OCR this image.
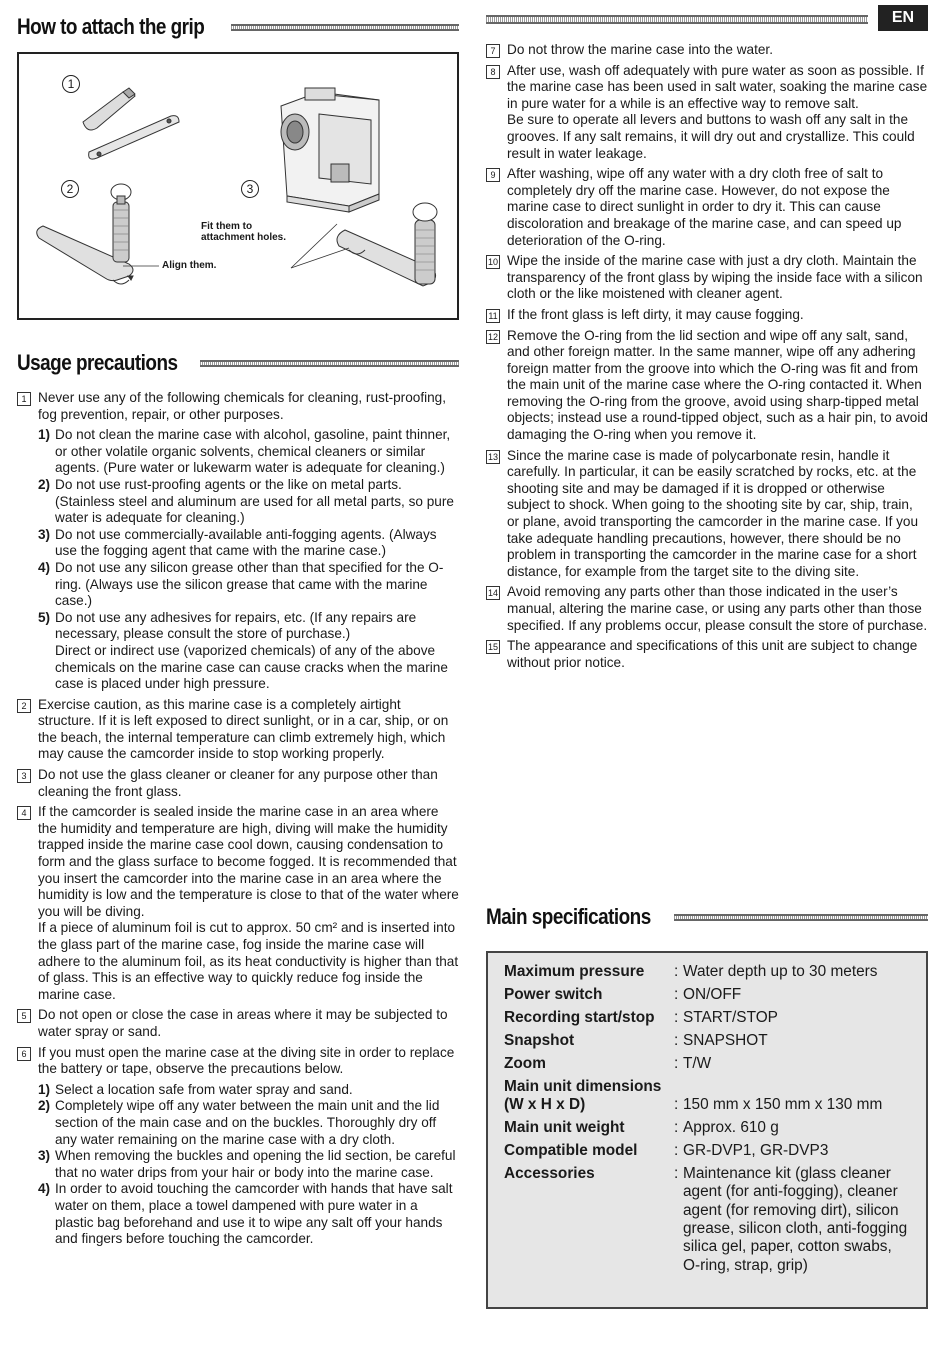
EN
How to attach the grip
1
2	3
Fit them to attachment holes.
Align them.
Usage precautions
1 Never use any of the following chemicals for cleaning, rust-proofing, fog prevention, repair, or other purposes.
1) Do not clean the marine case with alcohol, gasoline, paint thinner, or other volatile organic solvents, chemical cleaners or similar agents. (Pure water or lukewarm water is adequate for cleaning.)
2) Do not use rust-proofing agents or the like on metal parts. (Stainless steel and aluminum are used for all metal parts, so pure water is adequate for cleaning.)
3) Do not use commercially-available anti-fogging agents. (Always use the fogging agent that came with the marine case.)
4) Do not use any silicon grease other than that specified for the O-ring. (Always use the silicon grease that came with the marine case.)
5) Do not use any adhesives for repairs, etc. (If any repairs are necessary, please consult the store of purchase.)
Direct or indirect use (vaporized chemicals) of any of the above chemicals on the marine case can cause cracks when the marine case is placed under high pressure.
2 Exercise caution, as this marine case is a completely airtight structure. If it is left exposed to direct sunlight, or in a car, ship, or on the beach, the internal temperature can climb extremely high, which may cause the camcorder inside to stop working properly.
3 Do not use the glass cleaner or cleaner for any purpose other than cleaning the front glass.
4 If the camcorder is sealed inside the marine case in an area where the humidity and temperature are high, diving will make the humidity trapped inside the marine case cool down, causing condensation to form and the glass surface to become fogged. It is recommended that you insert the camcorder into the marine case in an area where the humidity is low and the temperature is close to that of the water where you will be diving.
If a piece of aluminum foil is cut to approx. 50 cm² and is inserted into the glass part of the marine case, fog inside the marine case will adhere to the aluminum foil, as its heat conductivity is higher than that of glass. This is an effective way to quickly reduce fog inside the marine case.
5 Do not open or close the case in areas where it may be subjected to water spray or sand.
6 If you must open the marine case at the diving site in order to replace the battery or tape, observe the precautions below.
1) Select a location safe from water spray and sand.
2) Completely wipe off any water between the main unit and the lid section of the main case and on the buckles. Thoroughly dry off any water remaining on the marine case with a dry cloth.
3) When removing the buckles and opening the lid section, be careful that no water drips from your hair or body into the marine case.
4) In order to avoid touching the camcorder with hands that have salt water on them, place a towel dampened with pure water in a plastic bag beforehand and use it to wipe any salt off your hands and fingers before touching the camcorder.
7 Do not throw the marine case into the water.
8 After use, wash off adequately with pure water as soon as possible. If the marine case has been used in salt water, soaking the marine case in pure water for a while is an effective way to remove salt.
Be sure to operate all levers and buttons to wash off any salt in the grooves. If any salt remains, it will dry out and crystallize. This could result in water leakage.
9 After washing, wipe off any water with a dry cloth free of salt to completely dry off the marine case. However, do not expose the marine case to direct sunlight in order to dry it. This can cause discoloration and breakage of the marine case, and can speed up deterioration of the O-ring.
10 Wipe the inside of the marine case with just a dry cloth. Maintain the transparency of the front glass by wiping the inside face with a silicon cloth or the like moistened with cleaner agent.
11 If the front glass is left dirty, it may cause fogging.
12 Remove the O-ring from the lid section and wipe off any salt, sand, and other foreign matter. In the same manner, wipe off any adhering foreign matter from the groove into which the O-ring was fit and from the main unit of the marine case where the O-ring contacted it. When removing the O-ring from the groove, avoid using sharp-tipped metal objects; instead use a round-tipped object, such as a hair pin, to avoid damaging the O-ring when you remove it.
13 Since the marine case is made of polycarbonate resin, handle it carefully. In particular, it can be easily scratched by rocks, etc. at the shooting site and may be damaged if it is dropped or otherwise subject to shock. When going to the shooting site by car, ship, train, or plane, avoid transporting the camcorder in the marine case. If you take adequate handling precautions, however, there should be no problem in transporting the camcorder in the marine case for a short distance, for example from the target site to the diving site.
14 Avoid removing any parts other than those indicated in the user’s manual, altering the marine case, or using any parts other than those specified. If any problems occur, please consult the store of purchase.
15 The appearance and specifications of this unit are subject to change without prior notice.
Main specifications
Maximum pressure	: Water depth up to 30 meters
Power switch	: ON/OFF
Recording start/stop	: START/STOP
Snapshot	: SNAPSHOT
Zoom	: T/W
Main unit dimensions (W x H x D)	: 150 mm x 150 mm x 130 mm
Main unit weight	: Approx. 610 g
Compatible model	: GR-DVP1, GR-DVP3
Accessories	: Maintenance kit (glass cleaner agent (for anti-fogging), cleaner agent (for removing dirt), silicon grease, silicon cloth, anti-fogging silica gel, paper, cotton swabs, O-ring, strap, grip)
